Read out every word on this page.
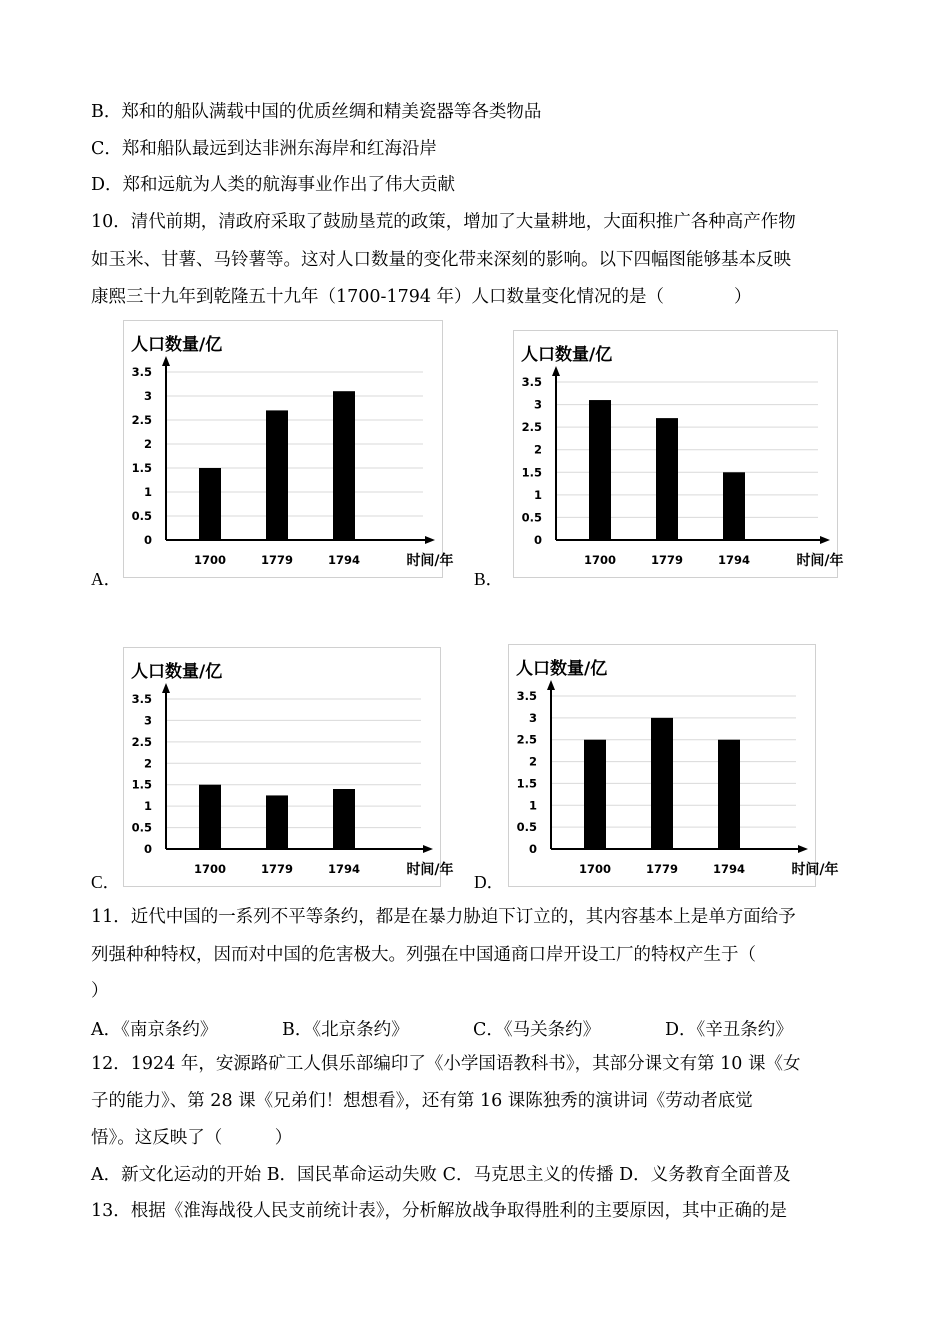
B．郑和的船队满载中国的优质丝绸和精美瓷器等各类物品
C．郑和船队最远到达非洲东海岸和红海沿岸
D．郑和远航为人类的航海事业作出了伟大贡献
10．清代前期，清政府采取了鼓励垦荒的政策，增加了大量耕地，大面积推广各种高产作物
如玉米、甘薯、马铃薯等。这对人口数量的变化带来深刻的影响。以下四幅图能够基本反映
康熙三十九年到乾隆五十九年（1700-1794 年）人口数量变化情况的是（　　　　）
人口数量/亿
0
0.5
1
1.5
2
2.5
3
3.5
1700	1779	1794	时间/年
A．
人口数量/亿
0
0.5
1
1.5
2
2.5
3
3.5
1700	1779	1794	时间/年
B．
人口数量/亿
0
0.5
1
1.5
2
2.5
3
3.5
1700	1779	1794	时间/年
C．
人口数量/亿
0
0.5
1
1.5
2
2.5
3
3.5
1700	1779	1794	时间/年
D．
11．近代中国的一系列不平等条约，都是在暴力胁迫下订立的，其内容基本上是单方面给予
列强种种特权，因而对中国的危害极大。列强在中国通商口岸开设工厂的特权产生于（
）
A．《南京条约》	B．《北京条约》	C．《马关条约》	D．《辛丑条约》
12．1924 年，安源路矿工人俱乐部编印了《小学国语教科书》，其部分课文有第 10 课《女
子的能力》、第 28 课《兄弟们！想想看》，还有第 16 课陈独秀的演讲词《劳动者底觉
悟》。这反映了（　　　）
A．新文化运动的开始 B．国民革命运动失败 C．马克思主义的传播 D．义务教育全面普及
13．根据《淮海战役人民支前统计表》，分析解放战争取得胜利的主要原因，其中正确的是
